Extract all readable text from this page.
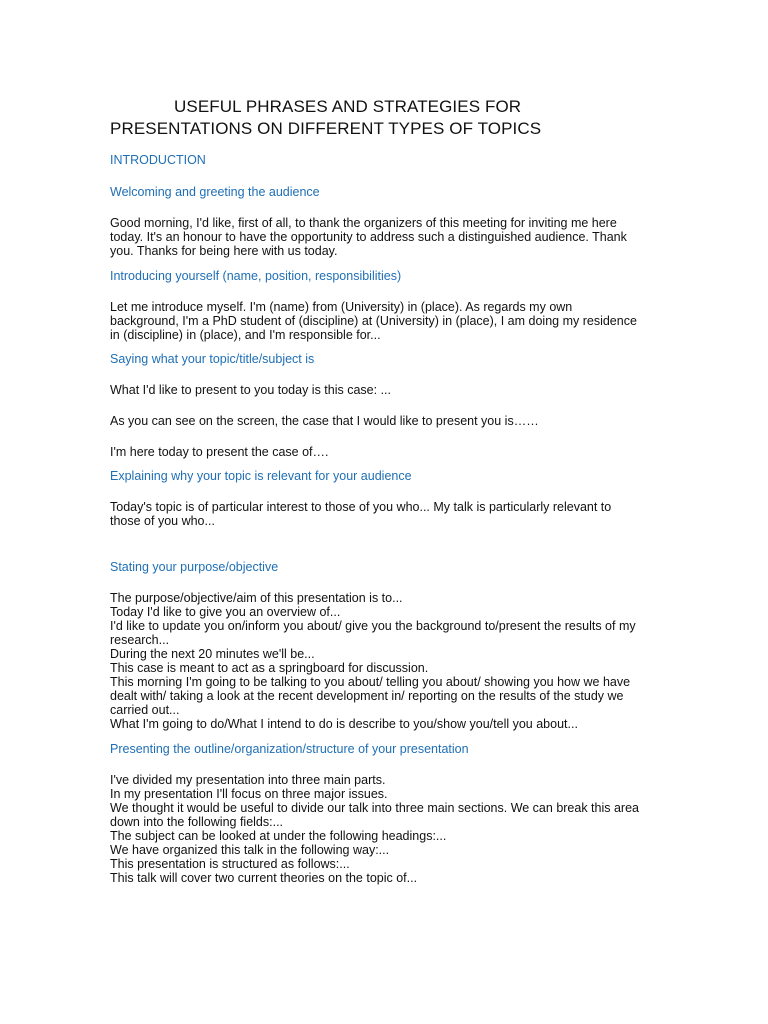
USEFUL PHRASES AND STRATEGIES FOR
PRESENTATIONS ON DIFFERENT TYPES OF TOPICS
INTRODUCTION
Welcoming and greeting the audience

Good morning, I'd like, first of all, to thank the organizers of this meeting for inviting me here

today. It's an honour to have the opportunity to address such a distinguished audience. Thank

you. Thanks for being here with us today.

Introducing yourself (name, position, responsibilities)

Let me introduce myself. I'm (name) from (University) in (place). As regards my own

background, I'm a PhD student of (discipline) at (University) in (place), I am doing my residence

in (discipline) in (place), and I'm responsible for...

Saying what your topic/title/subject is

What I'd like to present to you today is this case: ...

As you can see on the screen, the case that I would like to present you is……

I'm here today to present the case of….

Explaining why your topic is relevant for your audience

Today's topic is of particular interest to those of you who... My talk is particularly relevant to

those of you who...

Stating your purpose/objective

The purpose/objective/aim of this presentation is to...

Today I'd like to give you an overview of...

I'd like to update you on/inform you about/ give you the background to/present the results of my

research...

During the next 20 minutes we'll be...

This case is meant to act as a springboard for discussion.

This morning I'm going to be talking to you about/ telling you about/ showing you how we have

dealt with/ taking a look at the recent development in/ reporting on the results of the study we

carried out...

What I'm going to do/What I intend to do is describe to you/show you/tell you about...

Presenting the outline/organization/structure of your presentation

I've divided my presentation into three main parts.

In my presentation I'll focus on three major issues.

We thought it would be useful to divide our talk into three main sections. We can break this area

down into the following fields:...

The subject can be looked at under the following headings:...

We have organized this talk in the following way:...

This presentation is structured as follows:...

This talk will cover two current theories on the topic of...
